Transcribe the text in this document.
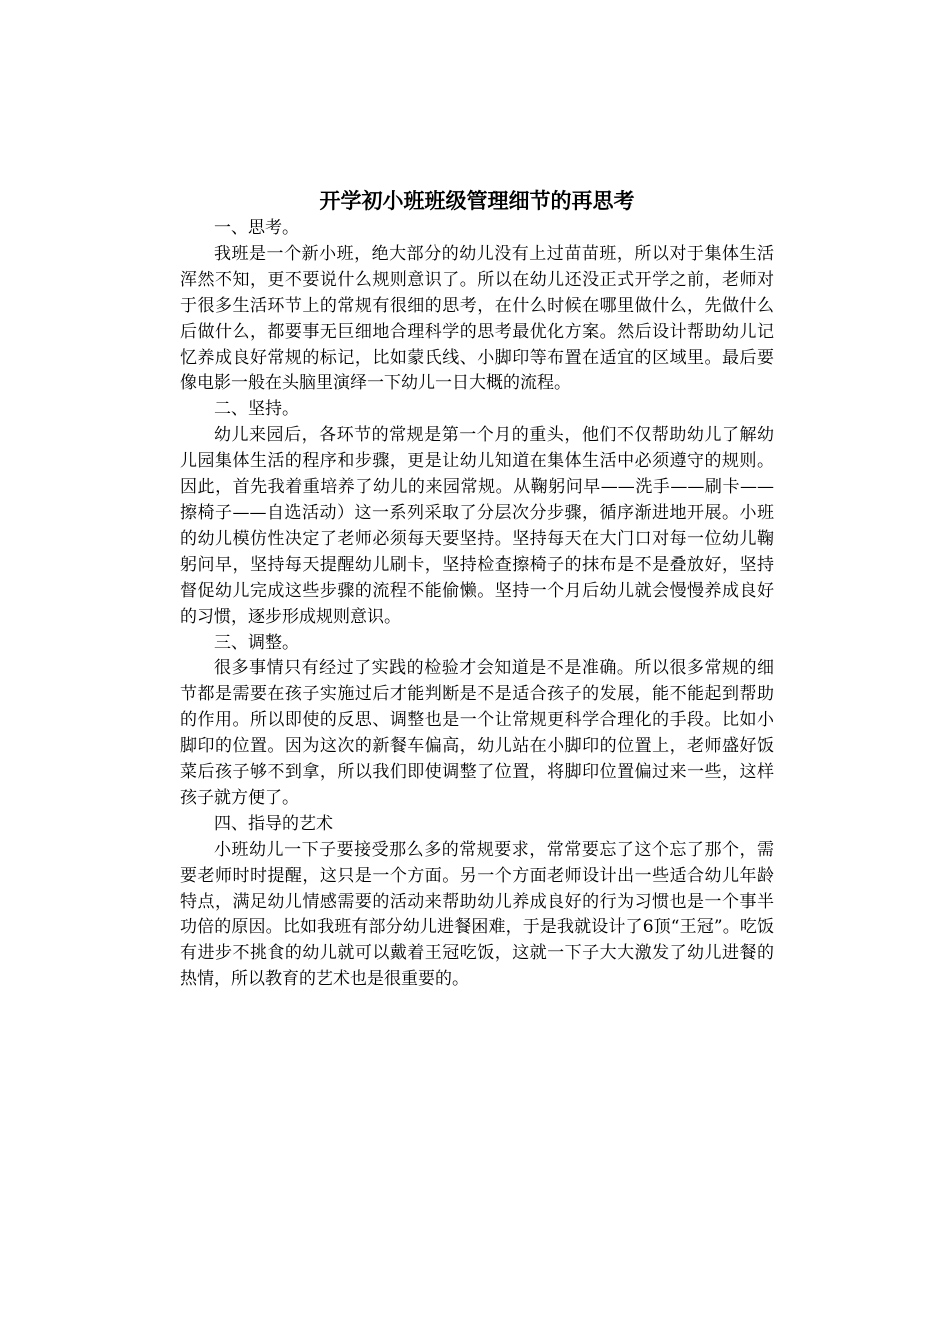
开学初小班班级管理细节的再思考

一、思考。

我班是一个新小班，绝大部分的幼儿没有上过苗苗班，所以对于集体生活浑然不知，更不要说什么规则意识了。所以在幼儿还没正式开学之前，老师对于很多生活环节上的常规有很细的思考，在什么时候在哪里做什么，先做什么后做什么，都要事无巨细地合理科学的思考最优化方案。然后设计帮助幼儿记忆养成良好常规的标记，比如蒙氏线、小脚印等布置在适宜的区域里。最后要像电影一般在头脑里演绎一下幼儿一日大概的流程。

二、坚持。

幼儿来园后，各环节的常规是第一个月的重头，他们不仅帮助幼儿了解幼儿园集体生活的程序和步骤，更是让幼儿知道在集体生活中必须遵守的规则。因此，首先我着重培养了幼儿的来园常规。从鞠躬问早——洗手——刷卡——擦椅子——自选活动）这一系列采取了分层次分步骤，循序渐进地开展。小班的幼儿模仿性决定了老师必须每天要坚持。坚持每天在大门口对每一位幼儿鞠躬问早，坚持每天提醒幼儿刷卡，坚持检查擦椅子的抹布是不是叠放好，坚持督促幼儿完成这些步骤的流程不能偷懒。坚持一个月后幼儿就会慢慢养成良好的习惯，逐步形成规则意识。

三、调整。

很多事情只有经过了实践的检验才会知道是不是准确。所以很多常规的细节都是需要在孩子实施过后才能判断是不是适合孩子的发展，能不能起到帮助的作用。所以即使的反思、调整也是一个让常规更科学合理化的手段。比如小脚印的位置。因为这次的新餐车偏高，幼儿站在小脚印的位置上，老师盛好饭菜后孩子够不到拿，所以我们即使调整了位置，将脚印位置偏过来一些，这样孩子就方便了。

四、指导的艺术

小班幼儿一下子要接受那么多的常规要求，常常要忘了这个忘了那个，需要老师时时提醒，这只是一个方面。另一个方面老师设计出一些适合幼儿年龄特点，满足幼儿情感需要的活动来帮助幼儿养成良好的行为习惯也是一个事半功倍的原因。比如我班有部分幼儿进餐困难，于是我就设计了6顶“王冠”。吃饭有进步不挑食的幼儿就可以戴着王冠吃饭，这就一下子大大激发了幼儿进餐的热情，所以教育的艺术也是很重要的。
